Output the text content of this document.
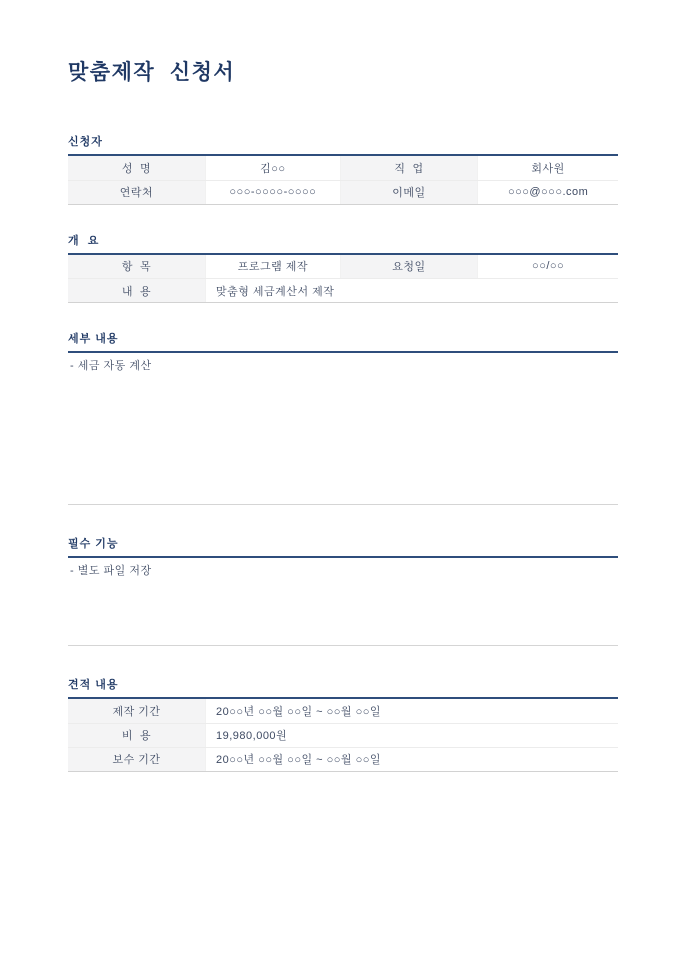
맞춤제작  신청서
신청자
성  명	김○○	직  업	회사원
연락처	○○○-○○○○-○○○○	이메일	○○○@○○○.com
개  요
항  목	프로그램 제작	요청일	○○/○○
내  용	맞춤형 세금계산서 제작		
세부 내용
- 세금 자동 계산
필수 기능
- 별도 파일 저장
견적 내용
제작 기간	20○○년 ○○월 ○○일 ~ ○○월 ○○일
비  용	19,980,000원
보수 기간	20○○년 ○○월 ○○일 ~ ○○월 ○○일
